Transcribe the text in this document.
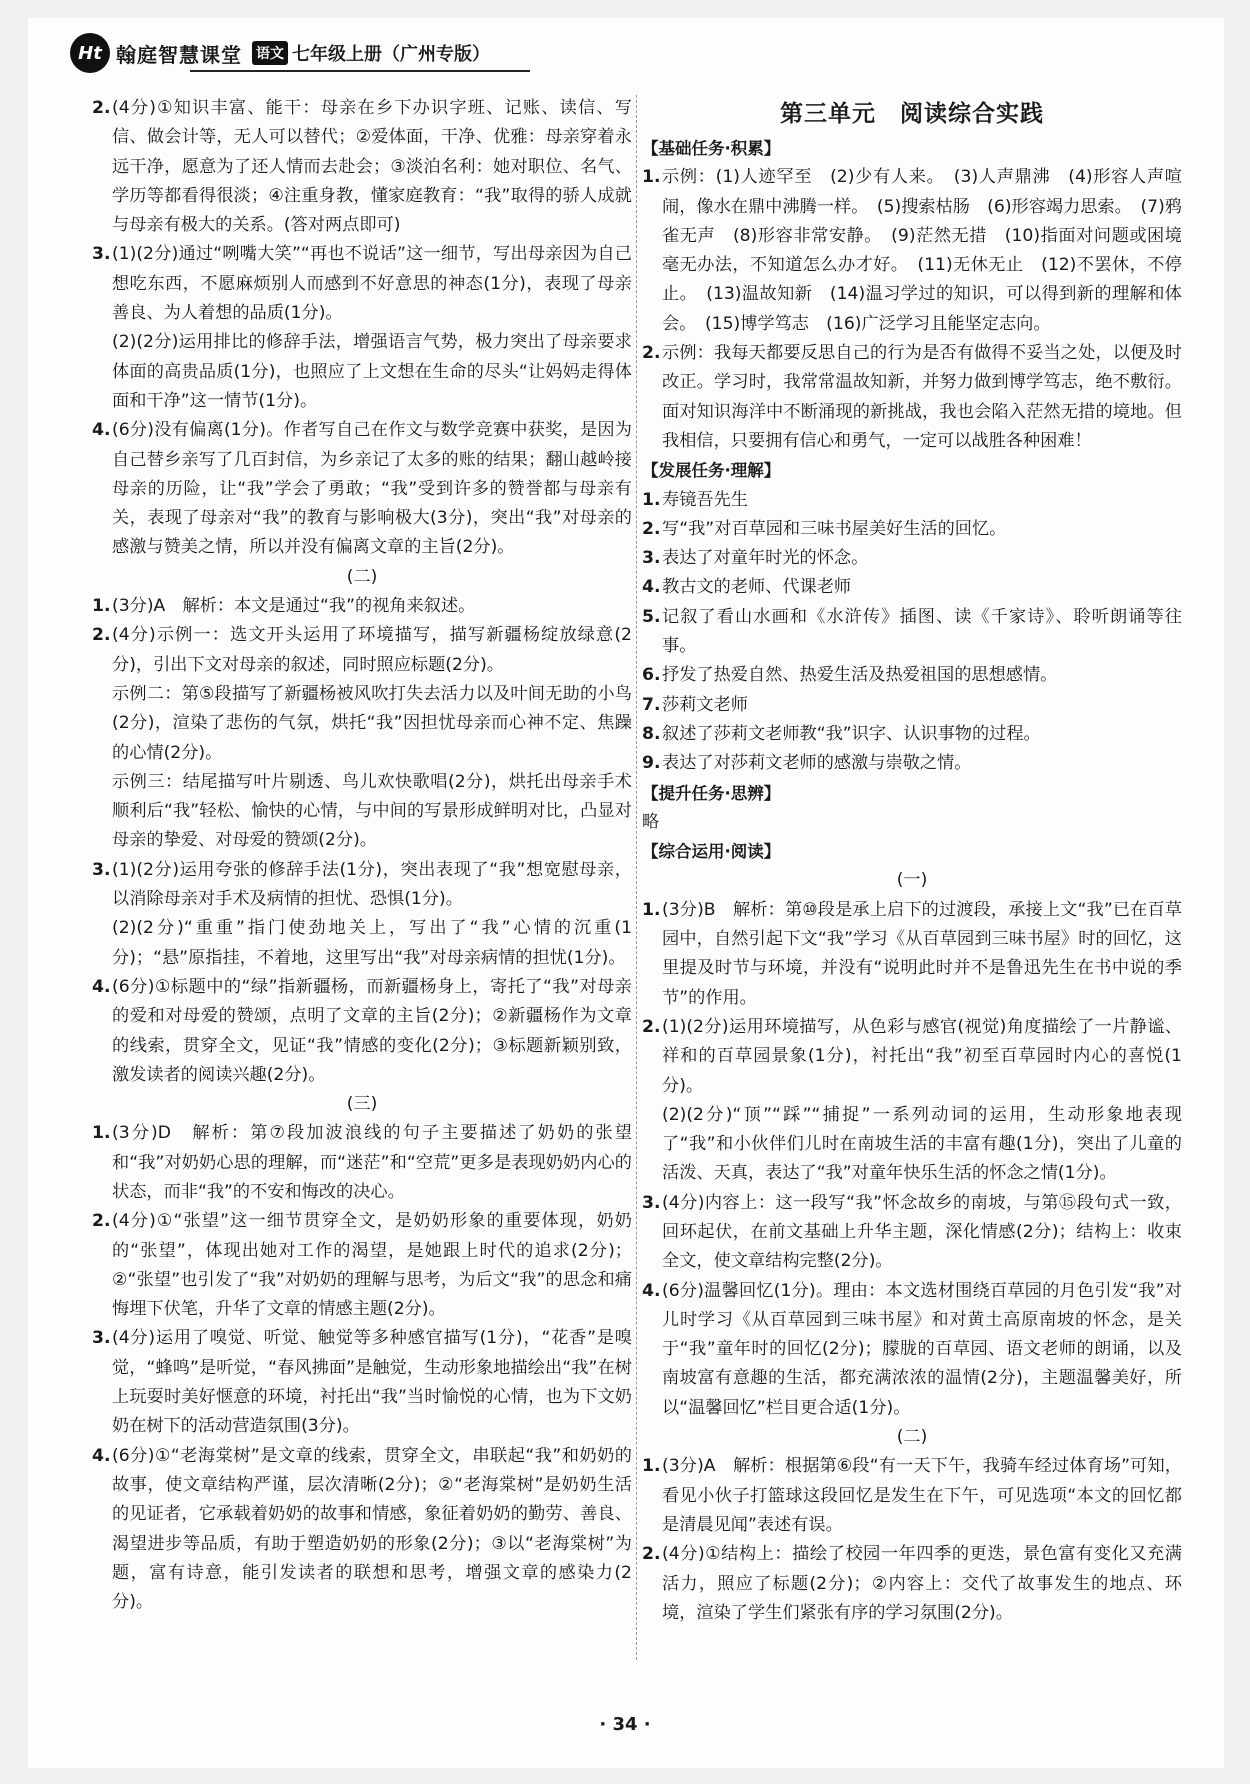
Ht 翰庭智慧课堂 语文 七年级上册（广州专版）
2. (4分)①知识丰富、能干：母亲在乡下办识字班、记账、读信、写信、做会计等，无人可以替代；②爱体面，干净、优雅：母亲穿着永远干净，愿意为了还人情而去赴会；③淡泊名利：她对职位、名气、学历等都看得很淡；④注重身教，懂家庭教育：“我”取得的骄人成就与母亲有极大的关系。(答对两点即可)
3. (1)(2分)通过“咧嘴大笑”“再也不说话”这一细节，写出母亲因为自己想吃东西，不愿麻烦别人而感到不好意思的神态(1分)，表现了母亲善良、为人着想的品质(1分)。
(2)(2分)运用排比的修辞手法，增强语言气势，极力突出了母亲要求体面的高贵品质(1分)，也照应了上文想在生命的尽头“让妈妈走得体面和干净”这一情节(1分)。
4. (6分)没有偏离(1分)。作者写自己在作文与数学竞赛中获奖，是因为自己替乡亲写了几百封信，为乡亲记了太多的账的结果；翻山越岭接母亲的历险，让“我”学会了勇敢；“我”受到许多的赞誉都与母亲有关，表现了母亲对“我”的教育与影响极大(3分)，突出“我”对母亲的感激与赞美之情，所以并没有偏离文章的主旨(2分)。
(二)
1. (3分)A　解析：本文是通过“我”的视角来叙述。
2. (4分)示例一：选文开头运用了环境描写，描写新疆杨绽放绿意(2分)，引出下文对母亲的叙述，同时照应标题(2分)。
示例二：第⑤段描写了新疆杨被风吹打失去活力以及叶间无助的小鸟(2分)，渲染了悲伤的气氛，烘托“我”因担忧母亲而心神不定、焦躁的心情(2分)。
示例三：结尾描写叶片剔透、鸟儿欢快歌唱(2分)，烘托出母亲手术顺利后“我”轻松、愉快的心情，与中间的写景形成鲜明对比，凸显对母亲的挚爱、对母爱的赞颂(2分)。
3. (1)(2分)运用夸张的修辞手法(1分)，突出表现了“我”想宽慰母亲，以消除母亲对手术及病情的担忧、恐惧(1分)。
(2)(2分)“重重”指门使劲地关上，写出了“我”心情的沉重(1分)；“悬”原指挂，不着地，这里写出“我”对母亲病情的担忧(1分)。
4. (6分)①标题中的“绿”指新疆杨，而新疆杨身上，寄托了“我”对母亲的爱和对母爱的赞颂，点明了文章的主旨(2分)；②新疆杨作为文章的线索，贯穿全文，见证“我”情感的变化(2分)；③标题新颖别致，激发读者的阅读兴趣(2分)。
(三)
1. (3分)D　解析：第⑦段加波浪线的句子主要描述了奶奶的张望和“我”对奶奶心思的理解，而“迷茫”和“空荒”更多是表现奶奶内心的状态，而非“我”的不安和悔改的决心。
2. (4分)①“张望”这一细节贯穿全文，是奶奶形象的重要体现，奶奶的“张望”，体现出她对工作的渴望，是她跟上时代的追求(2分)；②“张望”也引发了“我”对奶奶的理解与思考，为后文“我”的思念和痛悔埋下伏笔，升华了文章的情感主题(2分)。
3. (4分)运用了嗅觉、听觉、触觉等多种感官描写(1分)，“花香”是嗅觉，“蜂鸣”是听觉，“春风拂面”是触觉，生动形象地描绘出“我”在树上玩耍时美好惬意的环境，衬托出“我”当时愉悦的心情，也为下文奶奶在树下的活动营造氛围(3分)。
4. (6分)①“老海棠树”是文章的线索，贯穿全文，串联起“我”和奶奶的故事，使文章结构严谨，层次清晰(2分)；②“老海棠树”是奶奶生活的见证者，它承载着奶奶的故事和情感，象征着奶奶的勤劳、善良、渴望进步等品质，有助于塑造奶奶的形象(2分)；③以“老海棠树”为题，富有诗意，能引发读者的联想和思考，增强文章的感染力(2分)。
第三单元　阅读综合实践
【基础任务·积累】
1. 示例：(1)人迹罕至　(2)少有人来。　(3)人声鼎沸　(4)形容人声喧闹，像水在鼎中沸腾一样。　(5)搜索枯肠　(6)形容竭力思索。　(7)鸦雀无声　(8)形容非常安静。　(9)茫然无措　(10)指面对问题或困境毫无办法，不知道怎么办才好。　(11)无休无止　(12)不罢休，不停止。　(13)温故知新　(14)温习学过的知识，可以得到新的理解和体会。　(15)博学笃志　(16)广泛学习且能坚定志向。
2. 示例：我每天都要反思自己的行为是否有做得不妥当之处，以便及时改正。学习时，我常常温故知新，并努力做到博学笃志，绝不敷衍。面对知识海洋中不断涌现的新挑战，我也会陷入茫然无措的境地。但我相信，只要拥有信心和勇气，一定可以战胜各种困难！
【发展任务·理解】
1. 寿镜吾先生
2. 写“我”对百草园和三味书屋美好生活的回忆。
3. 表达了对童年时光的怀念。
4. 教古文的老师、代课老师
5. 记叙了看山水画和《水浒传》插图、读《千家诗》、聆听朗诵等往事。
6. 抒发了热爱自然、热爱生活及热爱祖国的思想感情。
7. 莎莉文老师
8. 叙述了莎莉文老师教“我”识字、认识事物的过程。
9. 表达了对莎莉文老师的感激与崇敬之情。
【提升任务·思辨】
略
【综合运用·阅读】
(一)
1. (3分)B　解析：第⑩段是承上启下的过渡段，承接上文“我”已在百草园中，自然引起下文“我”学习《从百草园到三味书屋》时的回忆，这里提及时节与环境，并没有“说明此时并不是鲁迅先生在书中说的季节”的作用。
2. (1)(2分)运用环境描写，从色彩与感官(视觉)角度描绘了一片静谧、祥和的百草园景象(1分)，衬托出“我”初至百草园时内心的喜悦(1分)。
(2)(2分)“顶”“踩”“捕捉”一系列动词的运用，生动形象地表现了“我”和小伙伴们儿时在南坡生活的丰富有趣(1分)，突出了儿童的活泼、天真，表达了“我”对童年快乐生活的怀念之情(1分)。
3. (4分)内容上：这一段写“我”怀念故乡的南坡，与第⑮段句式一致，回环起伏，在前文基础上升华主题，深化情感(2分)；结构上：收束全文，使文章结构完整(2分)。
4. (6分)温馨回忆(1分)。理由：本文选材围绕百草园的月色引发“我”对儿时学习《从百草园到三味书屋》和对黄土高原南坡的怀念，是关于“我”童年时的回忆(2分)；朦胧的百草园、语文老师的朗诵，以及南坡富有意趣的生活，都充满浓浓的温情(2分)，主题温馨美好，所以“温馨回忆”栏目更合适(1分)。
(二)
1. (3分)A　解析：根据第⑥段“有一天下午，我骑车经过体育场”可知，看见小伙子打篮球这段回忆是发生在下午，可见选项“本文的回忆都是清晨见闻”表述有误。
2. (4分)①结构上：描绘了校园一年四季的更迭，景色富有变化又充满活力，照应了标题(2分)；②内容上：交代了故事发生的地点、环境，渲染了学生们紧张有序的学习氛围(2分)。
· 34 ·
